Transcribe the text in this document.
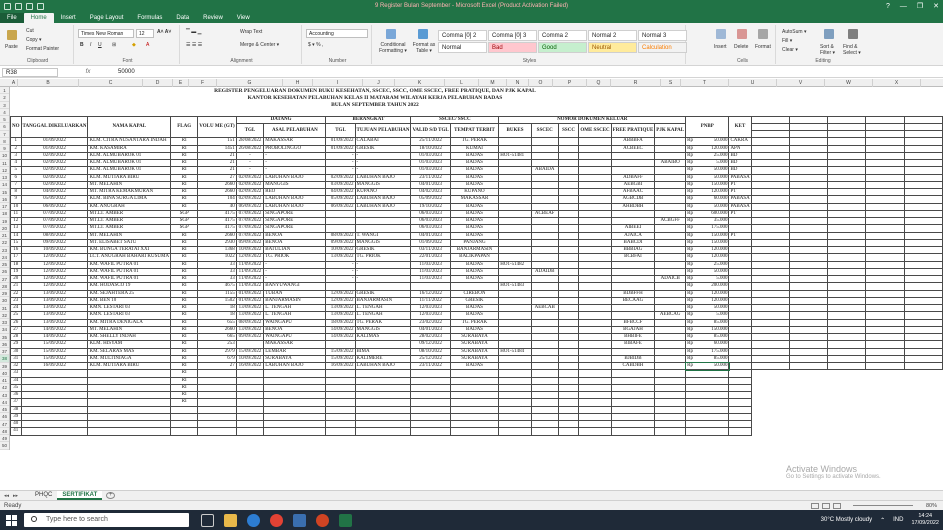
9 Register Bulan September - Microsoft Excel (Product Activation Failed)	? — ❐ ✕
File	Home	Insert	Page Layout	Formulas	Data	Review	View
Paste
Cut
Copy ▾
Format Painter
Clipboard
Times New Roman	12	A˄ A˅
B I U ⊞	◆ A
Font
▔ ▬ ▁
☰ ☰ ☰
Wrap Text
Merge & Center ▾
Alignment
Accounting
$ ▾ % ,
Number
Conditional Formatting ▾
Format as Table ▾
Comma [0] 2	Comma [0] 3	Comma 2	Normal 2	Normal 3
Normal	Bad	Good	Neutral	Calculation
Styles
Insert Delete Format
Cells
AutoSum ▾
Fill ▾
Clear ▾	Sort & Filter ▾
Find & Select ▾
Editing
R38	fx	50000
A	B	C	D	E	F	G	H	I	J	K	L	M	N	O	P	Q	R	S	T	U	V	W	X
1
2
3
4
5
6
7
8
9
10
11
12
13
14
15
16
17
18
19
20
21
22
23
24
25
26
27
28
29
30
31
32
33
34
35
36
37
38
39
40
41
42
43
44
45
46
47
48
49
50
	REGISTER PENGELUARAN DOKUMEN BUKU KESEHATAN, SSCEC, SSCC, OME SSCEC, FREE PRATIQUE, DAN PJK KAPAL																						
	KANTOR KESEHATAN PELABUHAN KELAS II MATARAM WILAYAH KERJA PELABUHAN BADAS																						
	BULAN SEPTEMBER TAHUN 2022																						

NO	TANGGAL DIKELUARKAN	NAMA KAPAL	FLAG	VOLU ME (GT)	DATANG		BERANGKAT		SSCEC/ SSCC		NOMOR DOKUMEN KELUAR						PNBP	KET					
					TGL	ASAL PELABUHAN	TGL	TUJUAN PELABUHAN	VALID S/D TGL	TEMPAT TERBIT	BUKES	SSCEC	SSCC	OME SSCEC	FREE PRATIQUE	PJK KAPAL							

1	01/09/2022	KLM. CITRA NUSANTARA INDAH	RI	151	28/08/2022	MAKASSAR	01/09/2022	CALABAI	25/11/2022	TG. PERAK					ABBBFA		Rp 50.000	CAKRA					
2	01/09/2022	KM. KASAMIRA	RI	1451	26/08/2022	PROBOLINGGO	01/09/2022	GRESIK	18/10/2022	KUMAI					ACBEEC		Rp 120.000	APN					
3	02/09/2022	KLM. ALMUBAROK 01	RI	21	-	-	-	-	01/03/2023	BADAS	HO1-51481						Rp 25.000	BD					
4	02/09/2022	KLM. ALMUBAROK 01	RI	21	-	-	-	-	01/03/2023	BADAS						ABAIBO	Rp 5.000	BD					
5	02/09/2022	KLM. ALMUBAROK 01	RI	21	-	-	-	-	01/03/2023	BADAS		ABAIDA					Rp 50.000	BD					
6	02/09/2022	KLM. MUTIARA BIRU	RI	27	02/09/2022	LABUHAN BAJO	02/09/2022	LABUHAN BAJO	23/11/2022	BADAS					ADBAFF		Rp 50.000	PABASA					
7	02/09/2022	MT. MELAHIN	RI	2660	02/09/2022	MANGGIS	03/09/2022	MANGGIS	04/01/2023	BADAS					AEBGBI		Rp 150.000	PT					
8	04/09/2022	MT. MITRA KEMAKMURAN	RI	2660	02/09/2022	REO	04/09/2022	KUPANO	04/02/2023	KUPANO					AFBAAC		Rp 120.000	PT					
9	05/09/2022	KLM. BINA SURGA LIMA	RI	104	02/09/2022	LABUHAN BAJO	05/09/2022	LABUHAN BAJO	05/09/2022	MAKASSAR					AGBCDB		Rp 60.000	PABASA					
10	06/09/2022	KM. ANUGRAH	RI	40	06/09/2022	LABUHAN BAJO	06/09/2022	LABUHAN BAJO	19/10/2022	BADAS					AHBDBH		Rp 50.000	PABASA					
11	07/09/2022	MT.LT. AMBER	SGP	4175	07/09/2022	SINGAPORE			06/03/2023	BADAS		ACBEAF					Rp 600.000	PT					
12	07/09/2022	MT.LT. AMBER	SGP	4175	07/09/2022	SINGAPORE			06/03/2023	BADAS						ACBGFF	Rp 35.000						
13	07/09/2022	MT.LT. AMBER	SGP	4175	07/09/2022	SINGAPORE			06/03/2023	BADAS					AIBEEI		Rp 175.000						
14	08/09/2022	MT. MELAHIN	RI	2660	07/09/2022	BENOA	08/09/2022	T. WANGI	04/01/2023	BADAS					AJAICA		Rp 150.000	PT					
15	09/09/2022	MT. ELISABET SATU	RI	2930	09/09/2022	BENOA	09/09/2022	MANGGIS	01/09/2022	PANJANG					BABCDI		Rp 150.000						
16	10/09/2022	KM. BUNGA TERATAI XXI	RI	1368	10/09/2022	BATULIAN	10/09/2022	GRESIK	03/11/2023	BANJARMASIN					BBBIAG		Rp 120.000						
17	12/09/2022	LCT. ANUGRAH BAHARI KUSUMA	RI	1022	12/09/2022	TG. PRIOK	13/09/2022	TG. PRIOK	22/01/2023	BALIKPAPAN					BCBFAI		Rp 120.000						
18	12/09/2022	KM. WAFIL PUTRA 01	RI	33	11/09/2022	-	-	-	11/03/2023	BADAS	HO1-51482						Rp 25.000						
19	12/09/2022	KM. WAFIL PUTRA 01	RI	33	11/09/2022	-	-	-	11/03/2023	BADAS		ADAIDB					Rp 50.000						
20	12/09/2022	KM. WAFIL PUTRA 01	RI	33	11/09/2022	-	-	-	11/03/2023	BADAS						ADAICB	Rp 5.000						
21	12/09/2022	KM. HODASCO 19	RI	4675	11/09/2022	BANYUWANGI					HO1-51483						Rp 200.000						
22	13/09/2022	KM. SEJAHTERA 25	RI	1155	01/09/2022	TUBAN	12/09/2022	GRESIK	16/12/2022	CIREBON					BDBFFH		Rp 120.000						
23	13/09/2022	KM. BEN 10	RI	1502	01/09/2022	BANJARMASIN	12/09/2022	BANJARMASIN	11/11/2022	GRESIK					BECAAG		Rp 120.000						
24	13/09/2022	KMN. LESTARI 03	RI	18	13/09/2022	L. TENGAH	13/09/2022	L. TENGAH	12/03/2023	BADAS		AEBCAB					Rp 50.000						
25	13/09/2022	KMN. LESTARI 03	RI	18	13/09/2022	L. TENGAH	13/09/2022	L. TENGAH	12/03/2023	BADAS						AEBCAG	Rp 5.000						
26	13/09/2022	KM. MITRA DENIGALA	RI	655	08/09/2022	WAINGAPU	18/09/2022	TG. PERAK	23/02/2022	TG. PERAK					BFBCCF		Rp 85.000						
27	14/09/2022	MT. MELAHIN	RI	2660	13/09/2022	BENOA	14/09/2022	MANGGIS	04/01/2023	BADAS					BGAJAH		Rp 150.000						
28	14/09/2022	KM. SHELLY INDAH	RI	665	09/09/2022	WAINGAPU	14/09/2022	KALIMAS	28/02/2023	SURABAYA					BHBIFE		Rp 85.000						
29	15/09/2022	KLM. HISYAM	RI	253		MAKASSAR			09/12/2022	SURABAYA					BIBAFE		Rp 60.000						
30	15/09/2022	KM. SELARAS MAS	RI	2979	15/09/2022	LEMBAR	15/09/2022	BIMA	08/10/2022	SURABAYA	HO1-51484						Rp 175.000						
31	15/09/2022	KM. MULTINIAGA	RI	679	10/09/2022	SURABAYA	15/09/2022	KALIMERE	25/12/2022	SURABAYA					BJBIDB		Rp 85.000						
32	16/09/2022	KLM. MUTIARA BIRU	RI	27	16/09/2022	LABUHAN BAJO	16/09/2022	LABUHAN BAJO	23/11/2022	BADAS					CABDBH		Rp 50.000						
33			RI																				
34			RI																				
35			RI																				
36			RI																				
37			RI																				
38																							
39																							
40																							
41																							
Activate Windows
Go to Settings to activate Windows.
◂◂ ▸▸	PHQC	SERTIFIKAT	+
Ready	80%
Type here to search	30°C Mostly cloudy ⌃ IND
14:24
17/09/2022
